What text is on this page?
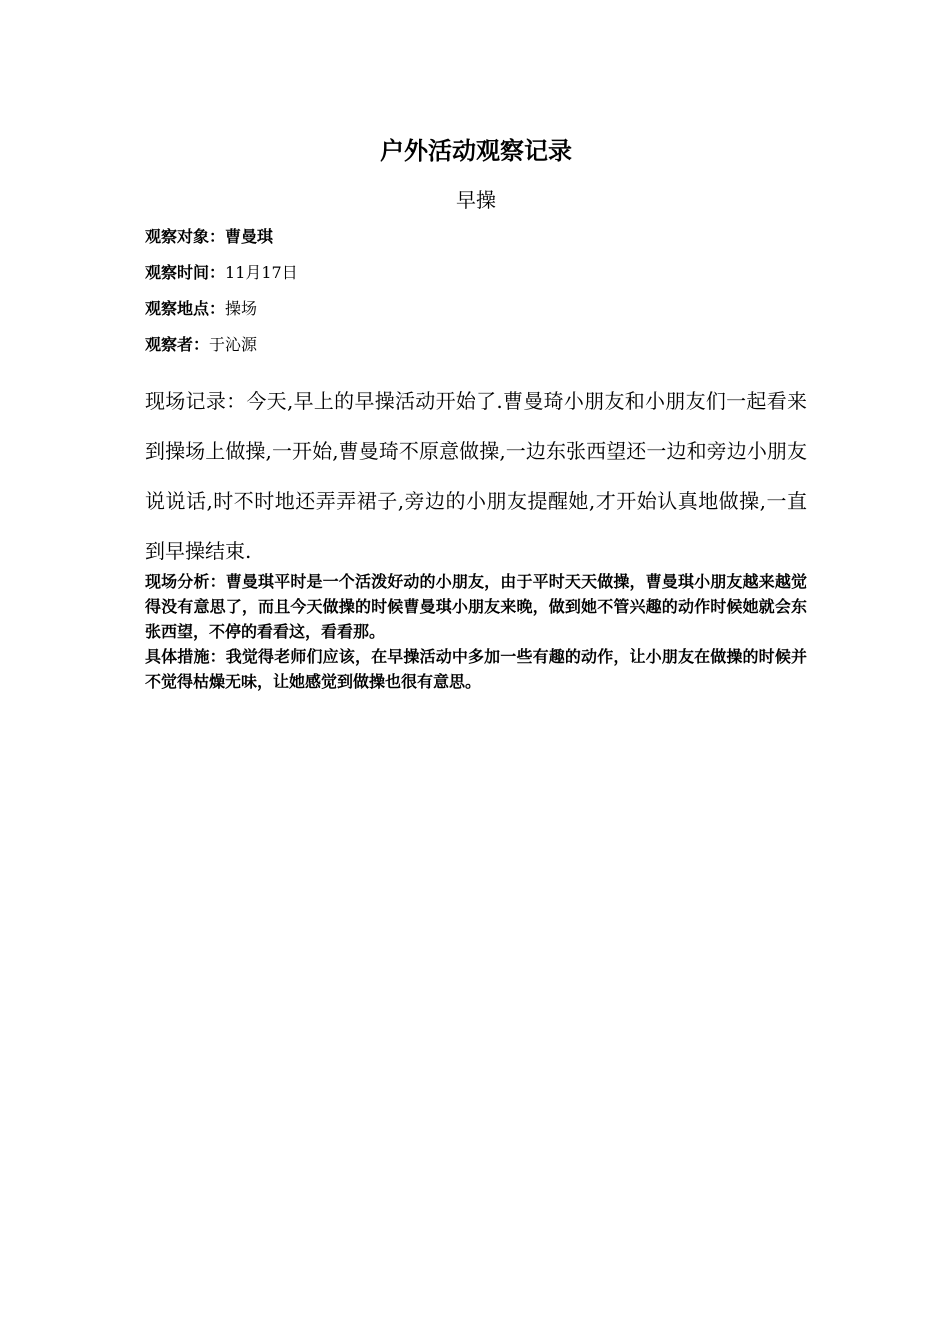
户外活动观察记录
早操
观察对象：曹曼琪
观察时间：11月17日
观察地点：操场
观察者：于沁源
现场记录：今天,早上的早操活动开始了.曹曼琦小朋友和小朋友们一起看来到操场上做操,一开始,曹曼琦不原意做操,一边东张西望还一边和旁边小朋友说说话,时不时地还弄弄裙子,旁边的小朋友提醒她,才开始认真地做操,一直到早操结束.
现场分析：曹曼琪平时是一个活泼好动的小朋友，由于平时天天做操，曹曼琪小朋友越来越觉得没有意思了，而且今天做操的时候曹曼琪小朋友来晚，做到她不管兴趣的动作时候她就会东张西望，不停的看看这，看看那。
具体措施：我觉得老师们应该，在早操活动中多加一些有趣的动作，让小朋友在做操的时候并不觉得枯燥无味，让她感觉到做操也很有意思。
